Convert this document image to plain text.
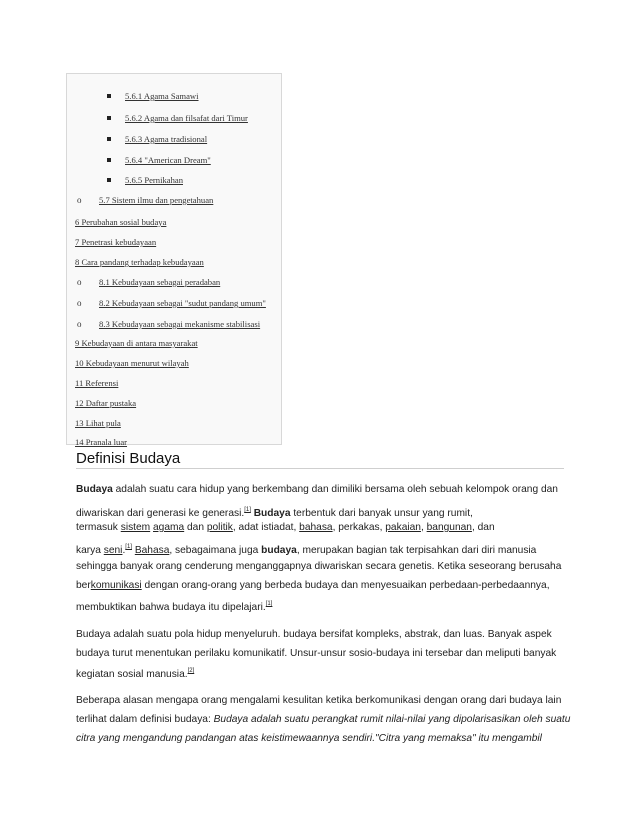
5.6.1 Agama Samawi
5.6.2 Agama dan filsafat dari Timur
5.6.3 Agama tradisional
5.6.4 "American Dream"
5.6.5 Pernikahan
o 5.7 Sistem ilmu dan pengetahuan
6 Perubahan sosial budaya
7 Penetrasi kebudayaan
8 Cara pandang terhadap kebudayaan
o 8.1 Kebudayaan sebagai peradaban
o 8.2 Kebudayaan sebagai "sudut pandang umum"
o 8.3 Kebudayaan sebagai mekanisme stabilisasi
9 Kebudayaan di antara masyarakat
10 Kebudayaan menurut wilayah
11 Referensi
12 Daftar pustaka
13 Lihat pula
14 Pranala luar
Definisi Budaya
Budaya adalah suatu cara hidup yang berkembang dan dimiliki bersama oleh sebuah kelompok orang dan
diwariskan dari generasi ke generasi.[1] Budaya terbentuk dari banyak unsur yang rumit,
termasuk sistem agama dan politik, adat istiadat, bahasa, perkakas, pakaian, bangunan, dan
karya seni.[1] Bahasa, sebagaimana juga budaya, merupakan bagian tak terpisahkan dari diri manusia
sehingga banyak orang cenderung menganggapnya diwariskan secara genetis. Ketika seseorang berusaha
berkomunikasi dengan orang-orang yang berbeda budaya dan menyesuaikan perbedaan-perbedaannya,
membuktikan bahwa budaya itu dipelajari.[1]
Budaya adalah suatu pola hidup menyeluruh. budaya bersifat kompleks, abstrak, dan luas. Banyak aspek
budaya turut menentukan perilaku komunikatif. Unsur-unsur sosio-budaya ini tersebar dan meliputi banyak
kegiatan sosial manusia.[2]
Beberapa alasan mengapa orang mengalami kesulitan ketika berkomunikasi dengan orang dari budaya lain
terlihat dalam definisi budaya: Budaya adalah suatu perangkat rumit nilai-nilai yang dipolarisasikan oleh suatu
citra yang mengandung pandangan atas keistimewaannya sendiri."Citra yang memaksa" itu mengambil
